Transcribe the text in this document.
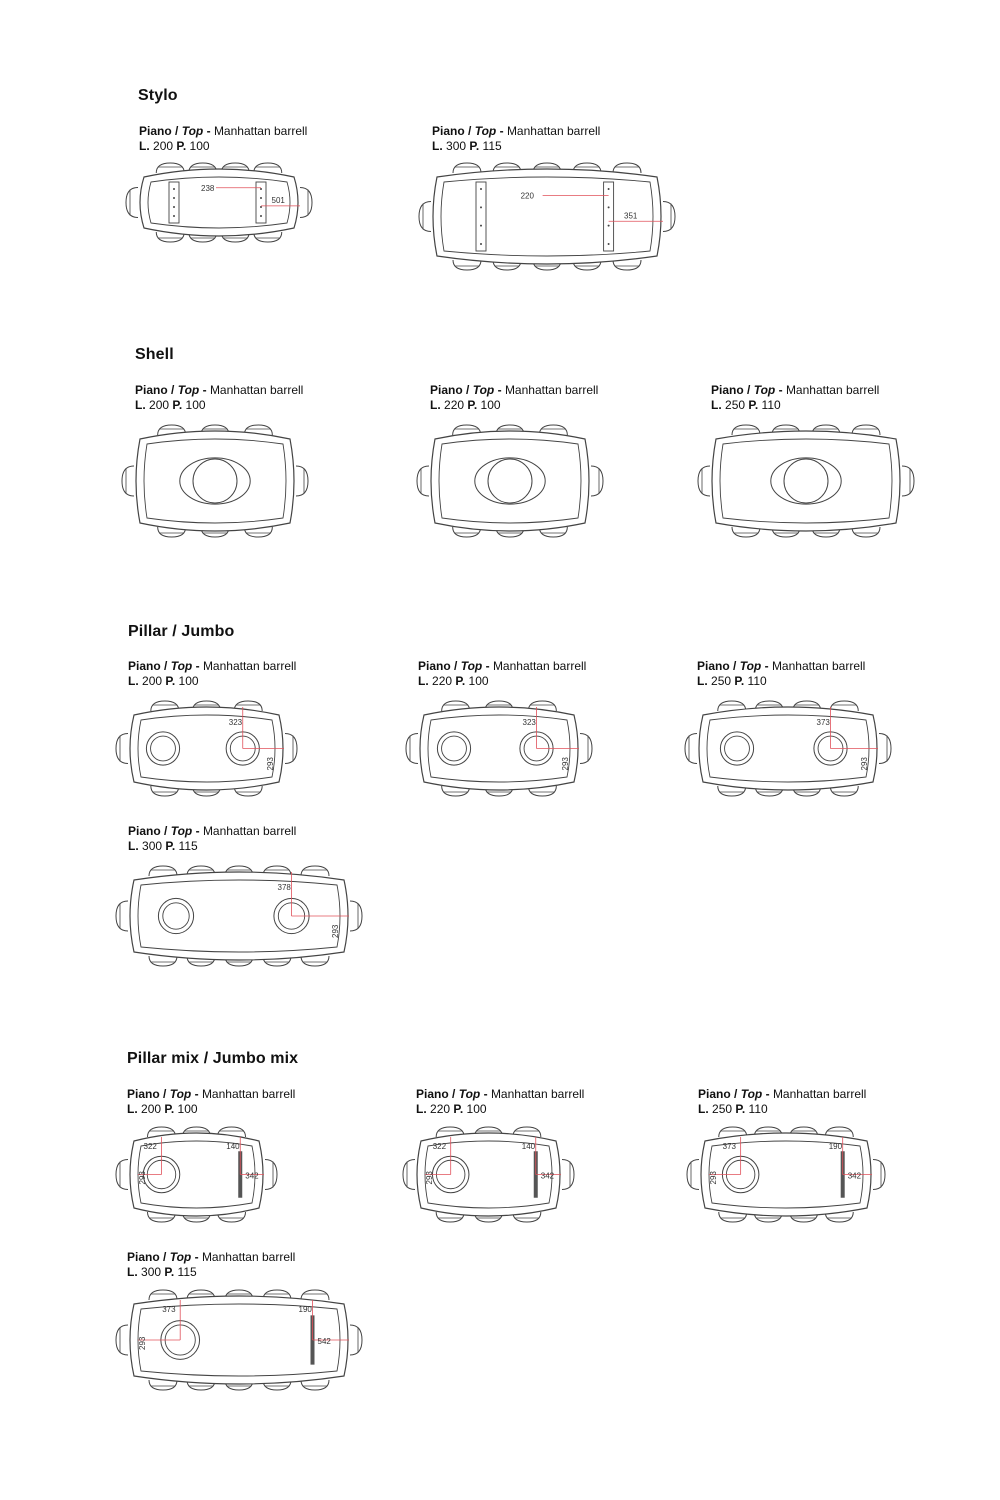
Stylo
Piano / Top - Manhattan barrell
L. 200 P. 100
238
501
Piano / Top - Manhattan barrell
L. 300 P. 115
220
351
Shell
Piano / Top - Manhattan barrell
L. 200 P. 100
Piano / Top - Manhattan barrell
L. 220 P. 100
Piano / Top - Manhattan barrell
L. 250 P. 110
Pillar / Jumbo
Piano / Top - Manhattan barrell
L. 200 P. 100
323
293
Piano / Top - Manhattan barrell
L. 220 P. 100
323
293
Piano / Top - Manhattan barrell
L. 250 P. 110
373
293
Piano / Top - Manhattan barrell
L. 300 P. 115
378
293
Pillar mix / Jumbo mix
Piano / Top - Manhattan barrell
L. 200 P. 100
322	140
293	342
Piano / Top - Manhattan barrell
L. 220 P. 100
322	140
293	342
Piano / Top - Manhattan barrell
L. 250 P. 110
373	190
293	342
Piano / Top - Manhattan barrell
L. 300 P. 115
373	190
293	542
